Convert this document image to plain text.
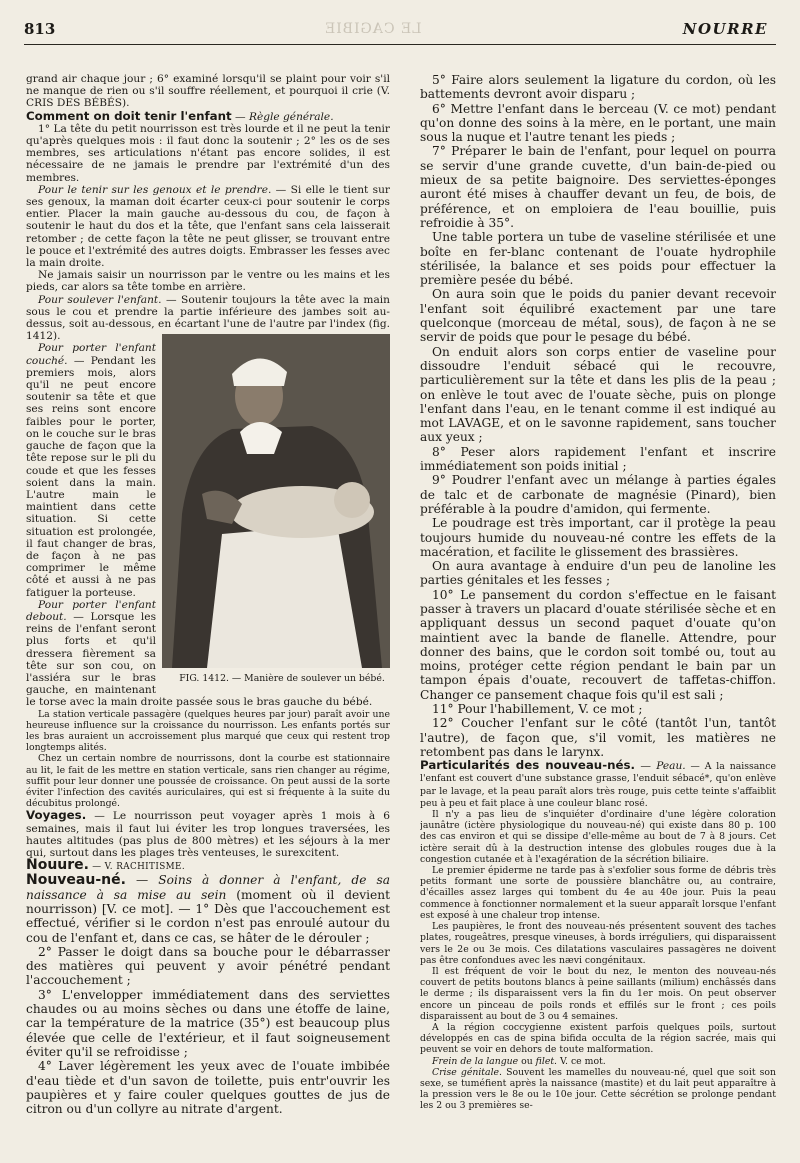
813	LE CAGIBIE	NOURRE

grand air chaque jour ; 6° examiné lorsqu'il se plaint pour voir s'il ne manque de rien ou s'il souffre réellement, et pourquoi il crie (V. CRIS DES BÉBÉS).

Comment on doit tenir l'enfant — Règle générale.

1° La tête du petit nourrisson est très lourde et il ne peut la tenir qu'après quelques mois : il faut donc la soutenir ; 2° les os de ses membres, ses articulations n'étant pas encore solides, il est nécessaire de ne jamais le prendre par l'extrémité d'un des membres.

Pour le tenir sur les genoux et le prendre. — Si elle le tient sur ses genoux, la maman doit écarter ceux-ci pour soutenir le corps entier. Placer la main gauche au-dessous du cou, de façon à soutenir le haut du dos et la tête, que l'enfant sans cela laisserait retomber ; de cette façon la tête ne peut glisser, se trouvant entre le pouce et l'extrémité des autres doigts. Embrasser les fesses avec la main droite.

Ne jamais saisir un nourrisson par le ventre ou les mains et les pieds, car alors sa tête tombe en arrière.

Pour soulever l'enfant. — Soutenir toujours la tête avec la main sous le cou et prendre la partie inférieure des jambes soit au-dessus, soit au-dessous, en écartant l'une de l'autre par l'index (fig. 1412).
FIG. 1412. — Manière de soulever un bébé.

Pour porter l'enfant couché. — Pendant les premiers mois, alors qu'il ne peut encore soutenir sa tête et que ses reins sont encore faibles pour le porter, on le couche sur le bras gauche de façon que la tête repose sur le pli du coude et que les fesses soient dans la main. L'autre main le maintient dans cette situation. Si cette situation est prolongée, il faut changer de bras, de façon à ne pas comprimer le même côté et aussi à ne pas fatiguer la porteuse.

Pour porter l'enfant debout. — Lorsque les reins de l'enfant seront plus forts et qu'il dressera fièrement sa tête sur son cou, on l'assiéra sur le bras gauche, en maintenant le torse avec la main droite passée sous le bras gauche du bébé.

La station verticale passagère (quelques heures par jour) paraît avoir une heureuse influence sur la croissance du nourrisson. Les enfants portés sur les bras auraient un accroissement plus marqué que ceux qui restent trop longtemps alités.

Chez un certain nombre de nourrissons, dont la courbe est stationnaire au lit, le fait de les mettre en station verticale, sans rien changer au régime, suffit pour leur donner une poussée de croissance. On peut aussi de la sorte éviter l'infection des cavités auriculaires, qui est si fréquente à la suite du décubitus prolongé.

Voyages. — Le nourrisson peut voyager après 1 mois à 6 semaines, mais il faut lui éviter les trop longues traversées, les hautes altitudes (pas plus de 800 mètres) et les séjours à la mer qui, surtout dans les plages très venteuses, le surexcitent.

Nouure. — V. RACHITISME.

Nouveau-né. — Soins à donner à l'enfant, de sa naissance à sa mise au sein (moment où il devient nourrisson) [V. ce mot]. — 1° Dès que l'accouchement est effectué, vérifier si le cordon n'est pas enroulé autour du cou de l'enfant et, dans ce cas, se hâter de le dérouler ;

2° Passer le doigt dans sa bouche pour le débarrasser des matières qui peuvent y avoir pénétré pendant l'accouchement ;

3° L'envelopper immédiatement dans des serviettes chaudes ou au moins sèches ou dans une étoffe de laine, car la température de la matrice (35°) est beaucoup plus élevée que celle de l'extérieur, et il faut soigneusement éviter qu'il se refroidisse ;

4° Laver légèrement les yeux avec de l'ouate imbibée d'eau tiède et d'un savon de toilette, puis entr'ouvrir les paupières et y faire couler quelques gouttes de jus de citron ou d'un collyre au nitrate d'argent.

5° Faire alors seulement la ligature du cordon, où les battements devront avoir disparu ;

6° Mettre l'enfant dans le berceau (V. ce mot) pendant qu'on donne des soins à la mère, en le portant, une main sous la nuque et l'autre tenant les pieds ;

7° Préparer le bain de l'enfant, pour lequel on pourra se servir d'une grande cuvette, d'un bain-de-pied ou mieux de sa petite baignoire. Des serviettes-éponges auront été mises à chauffer devant un feu, de bois, de préférence, et on emploiera de l'eau bouillie, puis refroidie à 35°.

Une table portera un tube de vaseline stérilisée et une boîte en fer-blanc contenant de l'ouate hydrophile stérilisée, la balance et ses poids pour effectuer la première pesée du bébé.

On aura soin que le poids du panier devant recevoir l'enfant soit équilibré exactement par une tare quelconque (morceau de métal, sous), de façon à ne se servir de poids que pour le pesage du bébé.

On enduit alors son corps entier de vaseline pour dissoudre l'enduit sébacé qui le recouvre, particulièrement sur la tête et dans les plis de la peau ; on enlève le tout avec de l'ouate sèche, puis on plonge l'enfant dans l'eau, en le tenant comme il est indiqué au mot LAVAGE, et on le savonne rapidement, sans toucher aux yeux ;

8° Peser alors rapidement l'enfant et inscrire immédiatement son poids initial ;

9° Poudrer l'enfant avec un mélange à parties égales de talc et de carbonate de magnésie (Pinard), bien préférable à la poudre d'amidon, qui fermente.

Le poudrage est très important, car il protège la peau toujours humide du nouveau-né contre les effets de la macération, et facilite le glissement des brassières.

On aura avantage à enduire d'un peu de lanoline les parties génitales et les fesses ;

10° Le pansement du cordon s'effectue en le faisant passer à travers un placard d'ouate stérilisée sèche et en appliquant dessus un second paquet d'ouate qu'on maintient avec la bande de flanelle. Attendre, pour donner des bains, que le cordon soit tombé ou, tout au moins, protéger cette région pendant le bain par un tampon épais d'ouate, recouvert de taffetas-chiffon. Changer ce pansement chaque fois qu'il est sali ;

11° Pour l'habillement, V. ce mot ;

12° Coucher l'enfant sur le côté (tantôt l'un, tantôt l'autre), de façon que, s'il vomit, les matières ne retombent pas dans le larynx.

Particularités des nouveau-nés. — Peau. — A la naissance l'enfant est couvert d'une substance grasse, l'enduit sébacé*, qu'on enlève par le lavage, et la peau paraît alors très rouge, puis cette teinte s'affaiblit peu à peu et fait place à une couleur blanc rosé.

Il n'y a pas lieu de s'inquiéter d'ordinaire d'une légère coloration jaunâtre (ictère physiologique du nouveau-né) qui existe dans 80 p. 100 des cas environ et qui se dissipe d'elle-même au bout de 7 à 8 jours. Cet ictère serait dû à la destruction intense des globules rouges due à la congestion cutanée et à l'exagération de la sécrétion biliaire.

Le premier épiderme ne tarde pas à s'exfolier sous forme de débris très petits formant une sorte de poussière blanchâtre ou, au contraire, d'écailles assez larges qui tombent du 4e au 40e jour. Puis la peau commence à fonctionner normalement et la sueur apparaît lorsque l'enfant est exposé à une chaleur trop intense.

Les paupières, le front des nouveau-nés présentent souvent des taches plates, rougeâtres, presque vineuses, à bords irréguliers, qui disparaissent vers le 2e ou 3e mois. Ces dilatations vasculaires passagères ne doivent pas être confondues avec les nævi congénitaux.

Il est fréquent de voir le bout du nez, le menton des nouveau-nés couvert de petits boutons blancs à peine saillants (milium) enchâssés dans le derme ; ils disparaissent vers la fin du 1er mois. On peut observer encore un pinceau de poils ronds et effilés sur le front ; ces poils disparaissent au bout de 3 ou 4 semaines.

A la région coccygienne existent parfois quelques poils, surtout développés en cas de spina bifida occulta de la région sacrée, mais qui peuvent se voir en dehors de toute malformation.

Frein de la langue ou filet. V. ce mot.

Crise génitale. Souvent les mamelles du nouveau-né, quel que soit son sexe, se tuméfient après la naissance (mastite) et du lait peut apparaître à la pression vers le 8e ou le 10e jour. Cette sécrétion se prolonge pendant les 2 ou 3 premières se-
